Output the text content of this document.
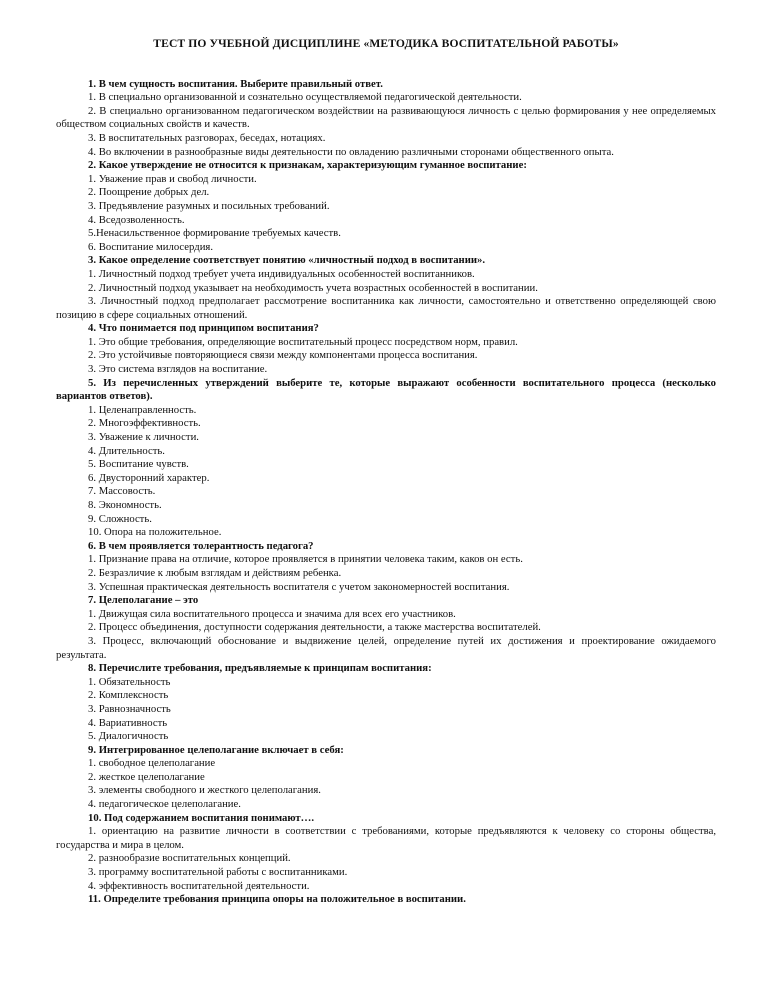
ТЕСТ ПО УЧЕБНОЙ ДИСЦИПЛИНЕ «МЕТОДИКА ВОСПИТАТЕЛЬНОЙ РАБОТЫ»

1. В чем сущность воспитания. Выберите правильный ответ.

1. В специально организованной и сознательно осуществляемой педагогической деятельности.

2. В специально организованном педагогическом воздействии на развивающуюся личность с целью формирования у нее определяемых обществом социальных свойств и качеств.

3. В воспитательных разговорах, беседах, нотациях.

4. Во включении в разнообразные виды деятельности по овладению различными сторонами общественного опыта.

2. Какое утверждение не относится к признакам, характеризующим гуманное воспитание:

1. Уважение прав и свобод личности.

2. Поощрение добрых дел.

3. Предъявление разумных и посильных требований.

4. Вседозволенность.

5.Ненасильственное формирование требуемых качеств.

6. Воспитание милосердия.

3. Какое определение соответствует понятию «личностный подход в воспитании».

1. Личностный подход требует учета индивидуальных особенностей воспитанников.

2. Личностный подход указывает на необходимость учета возрастных особенностей в воспитании.

3. Личностный подход предполагает рассмотрение воспитанника как личности, самостоятельно и ответственно определяющей свою позицию в сфере социальных отношений.

4. Что понимается под принципом воспитания?

1. Это общие требования, определяющие воспитательный процесс посредством норм, правил.

2. Это устойчивые повторяющиеся связи между компонентами процесса воспитания.

3. Это система взглядов на воспитание.

5. Из перечисленных утверждений выберите те, которые выражают особенности воспитательного процесса (несколько вариантов ответов).

1. Целенаправленность.

2. Многоэффективность.

3. Уважение к личности.

4. Длительность.

5. Воспитание чувств.

6. Двусторонний характер.

7. Массовость.

8. Экономность.

9. Сложность.

10. Опора на положительное.

6. В чем проявляется толерантность педагога?

1. Признание права на отличие, которое проявляется в принятии человека таким, каков он есть.

2. Безразличие к любым взглядам и действиям ребенка.

3. Успешная практическая деятельность воспитателя с учетом закономерностей воспитания.

7. Целеполагание – это

1. Движущая сила воспитательного процесса и значима для всех его участников.

2. Процесс объединения, доступности содержания деятельности, а также мастерства воспитателей.

3. Процесс, включающий обоснование и выдвижение целей, определение путей их достижения и проектирование ожидаемого результата.

8. Перечислите требования, предъявляемые к принципам воспитания:

1. Обязательность

2. Комплексность

3. Равнозначность

4. Вариативность

5. Диалогичность

9. Интегрированное целеполагание включает в себя:

1. свободное целеполагание

2. жесткое целеполагание

3. элементы свободного и жесткого целеполагания.

4. педагогическое целеполагание.

10. Под содержанием воспитания понимают….

1. ориентацию на развитие личности в соответствии с требованиями, которые предъявляются к человеку со стороны общества, государства и мира в целом.

2. разнообразие воспитательных концепций.

3. программу воспитательной работы с воспитанниками.

4. эффективность воспитательной деятельности.

11. Определите требования принципа опоры на положительное в воспитании.
